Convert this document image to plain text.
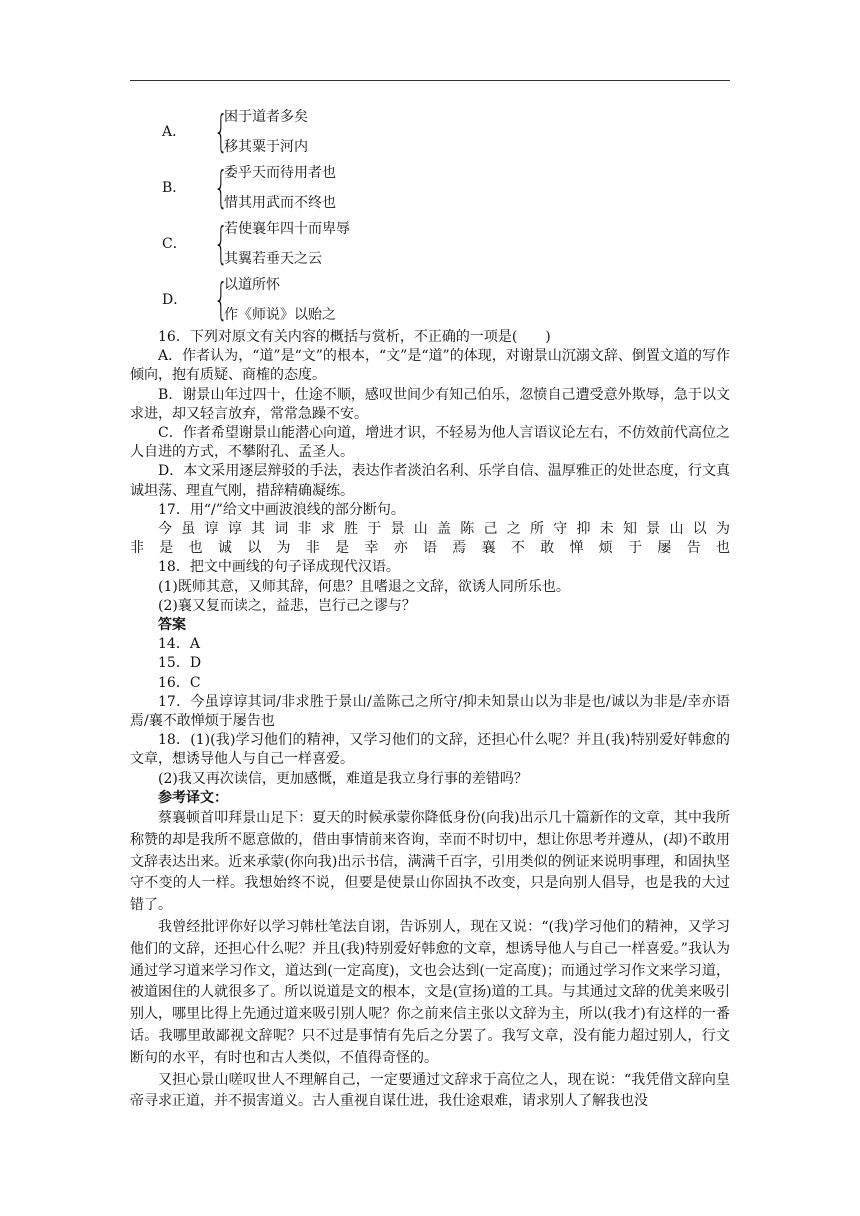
A． {
困于道者多矣
移其粟于河内
B． {
委乎天而待用者也
惜其用武而不终也
C． {
若使襄年四十而卑辱
其翼若垂天之云
D． {
以道所怀
作《师说》以贻之

16．下列对原文有关内容的概括与赏析，不正确的一项是(　　)

A．作者认为，“道”是“文”的根本，“文”是“道”的体现，对谢景山沉溺文辞、倒置文道的写作倾向，抱有质疑、商榷的态度。

B．谢景山年过四十，仕途不顺，感叹世间少有知己伯乐，忽愤自己遭受意外欺辱，急于以文求进，却又轻言放弃，常常急躁不安。

C．作者希望谢景山能潜心向道，增进才识，不轻易为他人言语议论左右，不仿效前代高位之人自进的方式，不攀附孔、孟圣人。

D．本文采用逐层辩驳的手法，表达作者淡泊名利、乐学自信、温厚雅正的处世态度，行文真诚坦荡、理直气刚，措辞精确凝练。

17．用“/”给文中画波浪线的部分断句。

今 虽 谆 谆 其 词 非 求 胜 于 景 山 盖 陈 己 之 所 守 抑 未 知 景 山 以 为

非 是 也 诚 以 为 非 是 幸 亦 语 焉 襄 不 敢 惮 烦 于 屡 告 也

18．把文中画线的句子译成现代汉语。

(1)既师其意，又师其辞，何患？且嗜退之文辞，欲诱人同所乐也。

(2)襄又复而读之，益悲，岂行己之谬与？

答案

14．A

15．D

16．C

17．今虽谆谆其词/非求胜于景山/盖陈己之所守/抑未知景山以为非是也/诚以为非是/幸亦语焉/襄不敢惮烦于屡告也

18．(1)(我)学习他们的精神，又学习他们的文辞，还担心什么呢？并且(我)特别爱好韩愈的文章，想诱导他人与自己一样喜爱。

(2)我又再次读信，更加感慨，难道是我立身行事的差错吗？

参考译文：

蔡襄顿首叩拜景山足下：夏天的时候承蒙你降低身份(向我)出示几十篇新作的文章，其中我所称赞的却是我所不愿意做的，借由事情前来咨询，幸而不时切中，想让你思考并遵从，(却)不敢用文辞表达出来。近来承蒙(你向我)出示书信，满满千百字，引用类似的例证来说明事理，和固执坚守不变的人一样。我想始终不说，但要是使景山你固执不改变，只是向别人倡导，也是我的大过错了。

我曾经批评你好以学习韩杜笔法自诩，告诉别人，现在又说：“(我)学习他们的精神，又学习他们的文辞，还担心什么呢？并且(我)特别爱好韩愈的文章，想诱导他人与自己一样喜爱。”我认为通过学习道来学习作文，道达到(一定高度)，文也会达到(一定高度)；而通过学习作文来学习道，被道困住的人就很多了。所以说道是文的根本，文是(宣扬)道的工具。与其通过文辞的优美来吸引别人，哪里比得上先通过道来吸引别人呢？你之前来信主张以文辞为主，所以(我才)有这样的一番话。我哪里敢鄙视文辞呢？只不过是事情有先后之分罢了。我写文章，没有能力超过别人，行文断句的水平，有时也和古人类似，不值得奇怪的。

又担心景山嗟叹世人不理解自己，一定要通过文辞求于高位之人，现在说：“我凭借文辞向皇帝寻求正道，并不损害道义。古人重视自谋仕进，我仕途艰难，请求别人了解我也没
